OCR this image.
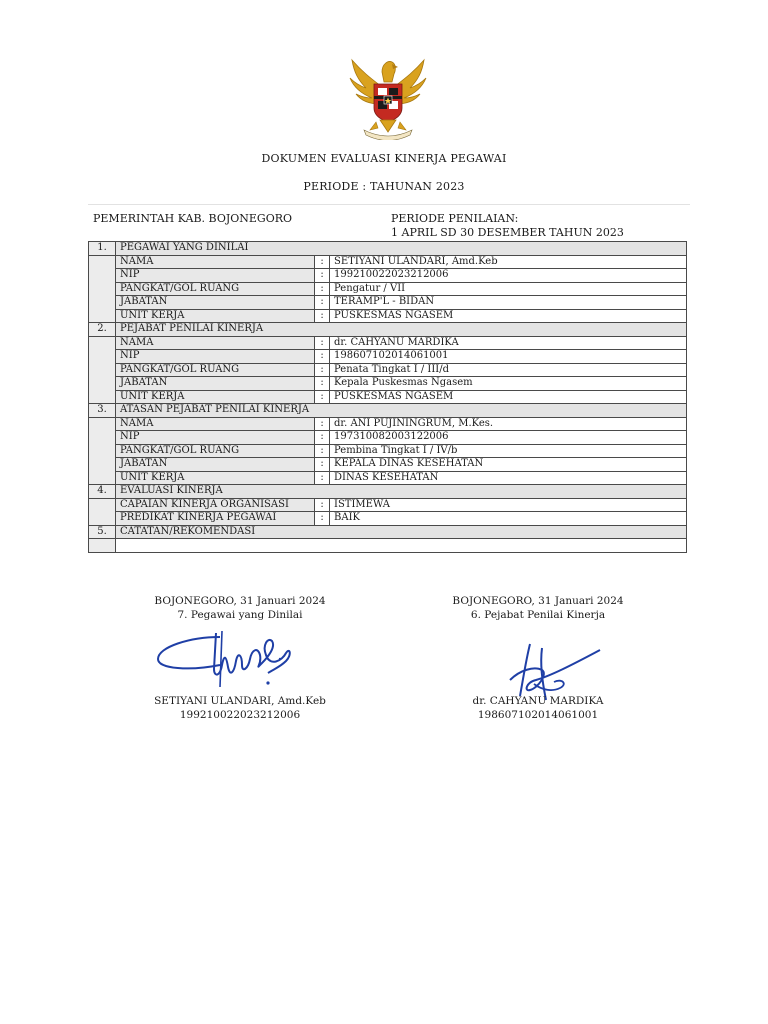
DOKUMEN EVALUASI KINERJA PEGAWAI
PERIODE : TAHUNAN 2023
PEMERINTAH KAB. BOJONEGORO	PERIODE PENILAIAN:
1 APRIL SD 30 DESEMBER TAHUN 2023
1.	PEGAWAI YANG DINILAI		
	NAMA	:	SETIYANI ULANDARI, Amd.Keb
	NIP	:	199210022023212006
	PANGKAT/GOL RUANG	:	Pengatur / VII
	JABATAN	:	TERAMP'L - BIDAN
	UNIT KERJA	:	PUSKESMAS NGASEM
2.	PEJABAT PENILAI KINERJA		
	NAMA	:	dr. CAHYANU MARDIKA
	NIP	:	198607102014061001
	PANGKAT/GOL RUANG	:	Penata Tingkat I / III/d
	JABATAN	:	Kepala Puskesmas Ngasem
	UNIT KERJA	:	PUSKESMAS NGASEM
3.	ATASAN PEJABAT PENILAI KINERJA		
	NAMA	:	dr. ANI PUJININGRUM, M.Kes.
	NIP	:	197310082003122006
	PANGKAT/GOL RUANG	:	Pembina Tingkat I / IV/b
	JABATAN	:	KEPALA DINAS KESEHATAN
	UNIT KERJA	:	DINAS KESEHATAN
4.	EVALUASI KINERJA		
	CAPAIAN KINERJA ORGANISASI	:	ISTIMEWA
	PREDIKAT KINERJA PEGAWAI	:	BAIK
5.	CATATAN/REKOMENDASI		

BOJONEGORO, 31 Januari 2024
7. Pegawai yang Dinilai
SETIYANI ULANDARI, Amd.Keb
199210022023212006
BOJONEGORO, 31 Januari 2024
6. Pejabat Penilai Kinerja
dr. CAHYANU MARDIKA
198607102014061001
